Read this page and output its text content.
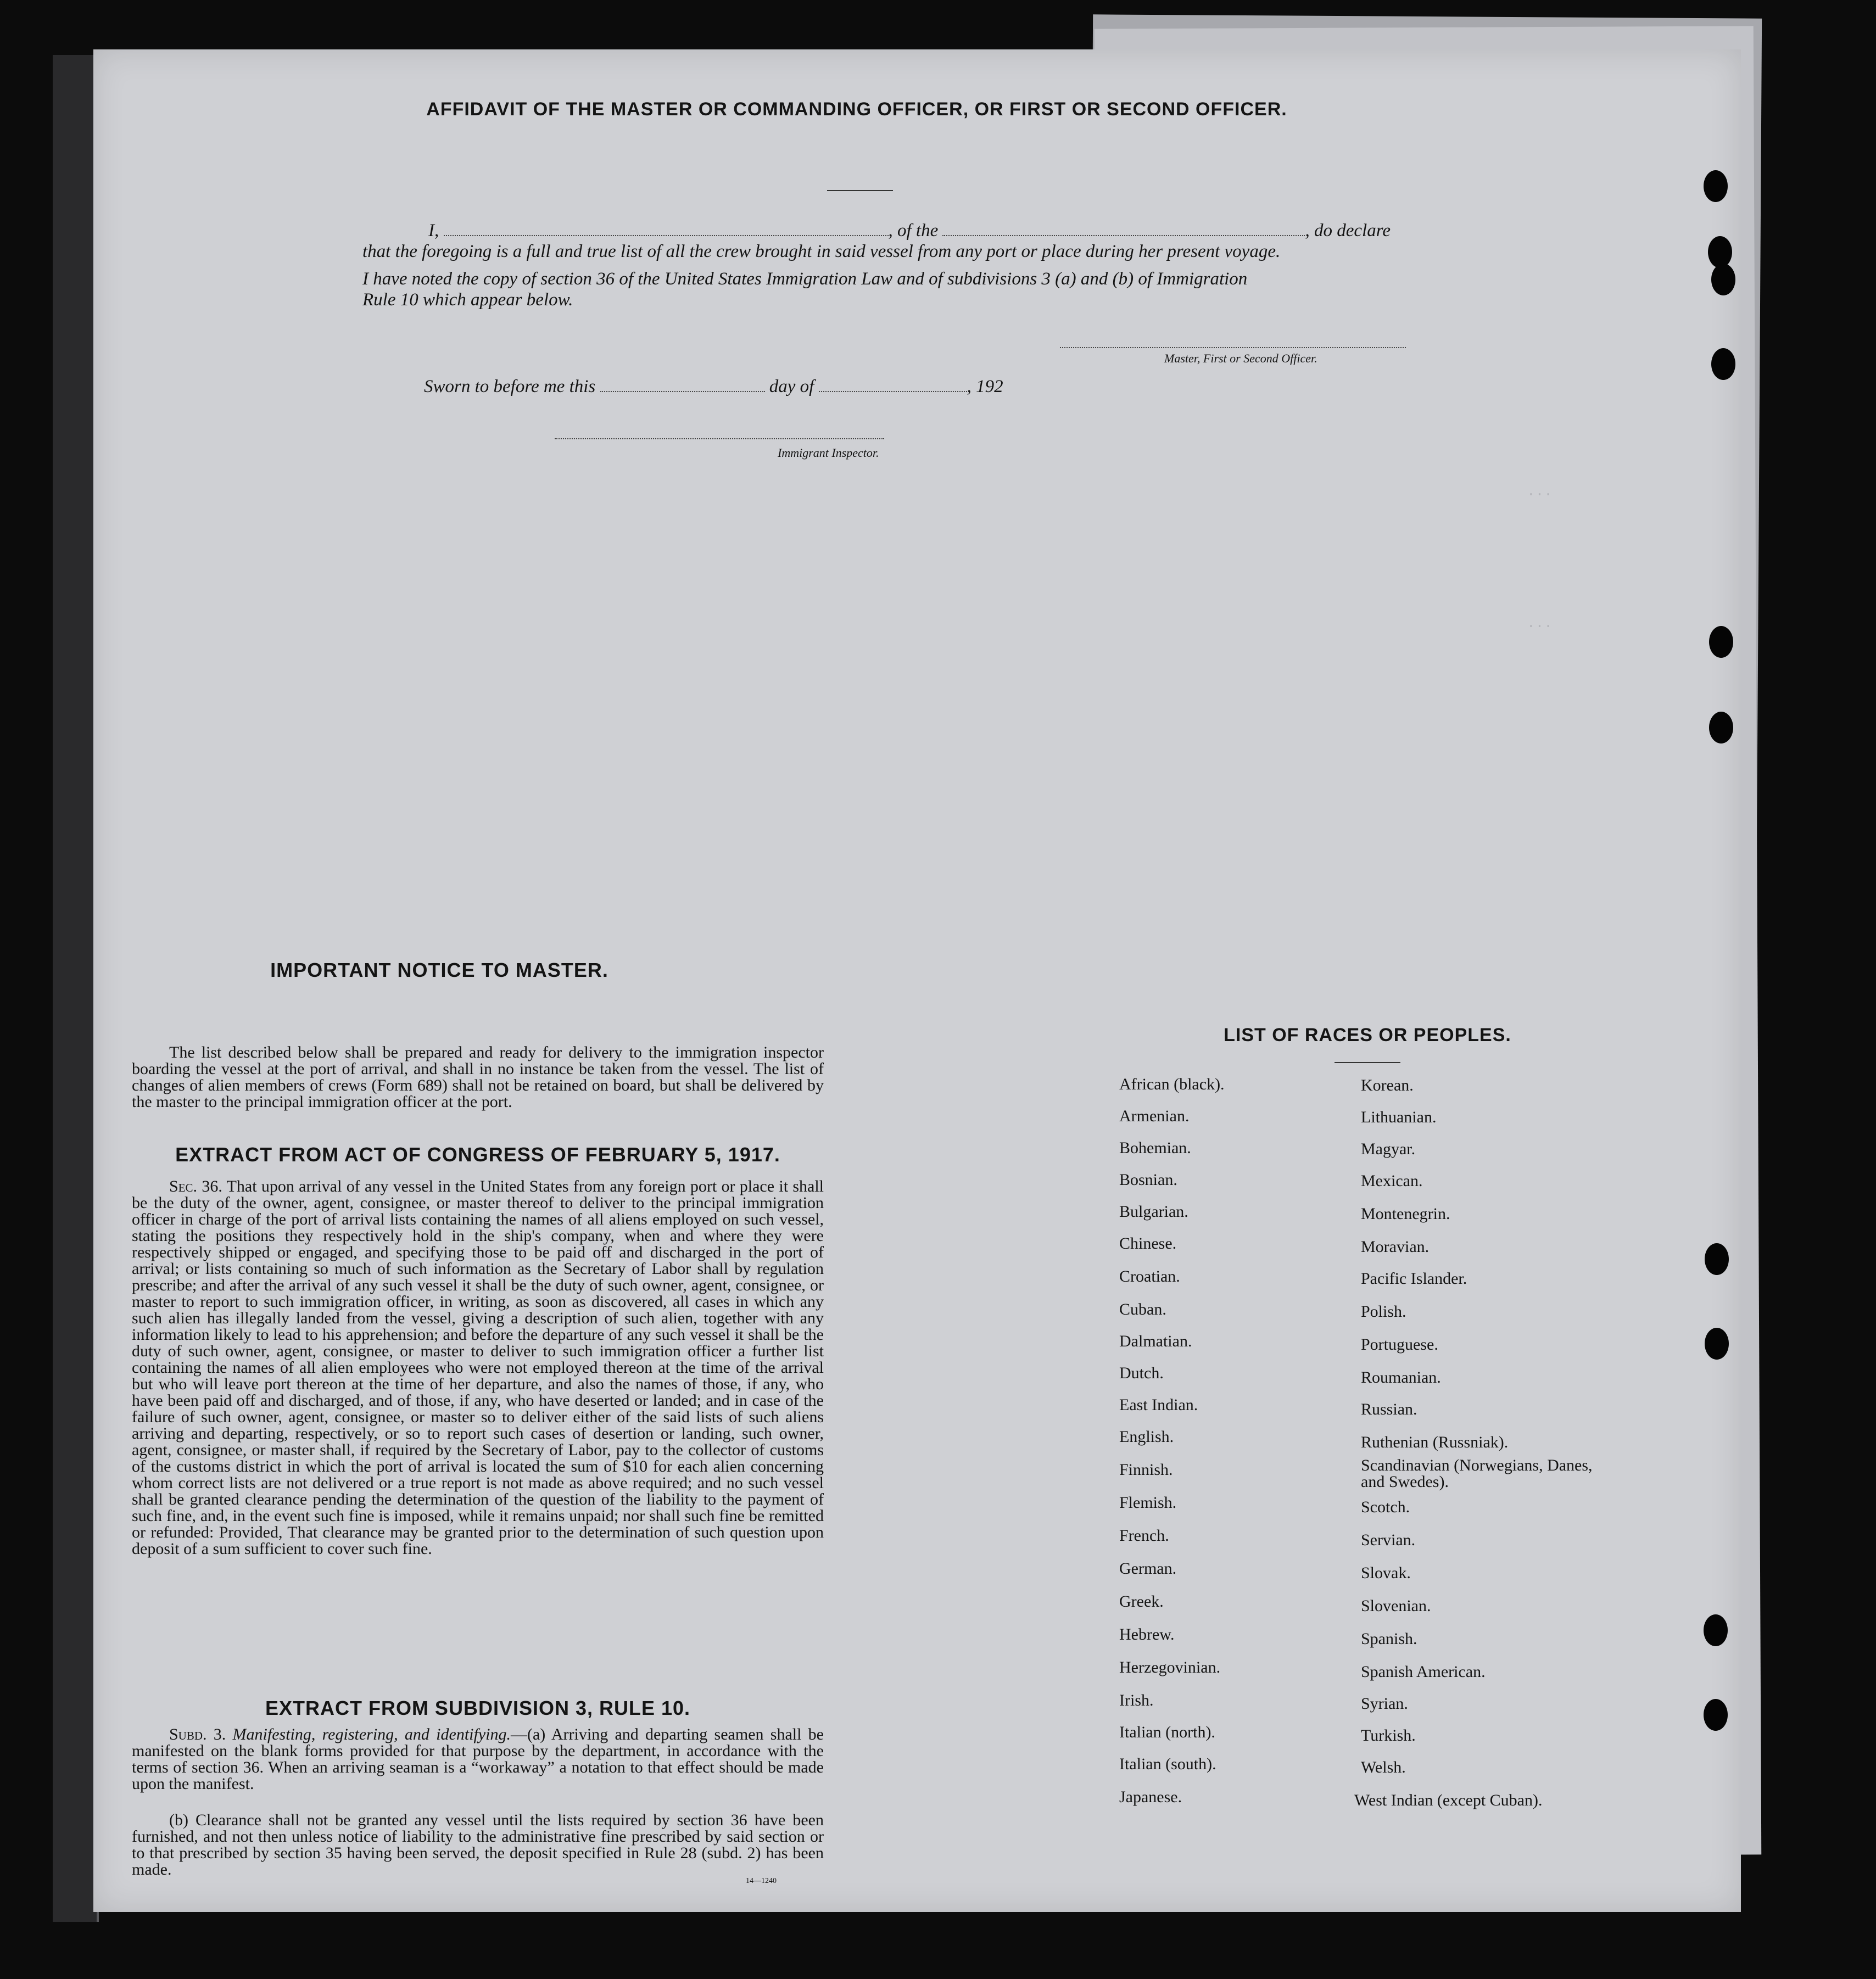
...
...
AFFIDAVIT OF THE MASTER OR COMMANDING OFFICER, OR FIRST OR SECOND OFFICER.
I,	, of the	, do declare
that the foregoing is a full and true list of all the crew brought in said vessel from any port or place during her present voyage.
I have noted the copy of section 36 of the United States Immigration Law and of subdivisions 3 (a) and (b) of Immigration
Rule 10 which appear below.
Master, First or Second Officer.
Sworn to before me this	day of	, 192
Immigrant Inspector.
IMPORTANT NOTICE TO MASTER.
The list described below shall be prepared and ready for delivery to the immigration inspector boarding the vessel at the port of arrival, and shall in no instance be taken from the vessel. The list of changes of alien members of crews (Form 689) shall not be retained on board, but shall be delivered by the master to the principal immigration officer at the port.
EXTRACT FROM ACT OF CONGRESS OF FEBRUARY 5, 1917.
Sec. 36. That upon arrival of any vessel in the United States from any foreign port or place it shall be the duty of the owner, agent, consignee, or master thereof to deliver to the principal immigration officer in charge of the port of arrival lists containing the names of all aliens employed on such vessel, stating the positions they respectively hold in the ship's company, when and where they were respectively shipped or engaged, and specifying those to be paid off and discharged in the port of arrival; or lists containing so much of such information as the Secretary of Labor shall by regulation prescribe; and after the arrival of any such vessel it shall be the duty of such owner, agent, consignee, or master to report to such immigration officer, in writing, as soon as discovered, all cases in which any such alien has illegally landed from the vessel, giving a description of such alien, together with any information likely to lead to his apprehension; and before the departure of any such vessel it shall be the duty of such owner, agent, consignee, or master to deliver to such immigration officer a further list containing the names of all alien employees who were not employed thereon at the time of the arrival but who will leave port thereon at the time of her departure, and also the names of those, if any, who have been paid off and discharged, and of those, if any, who have deserted or landed; and in case of the failure of such owner, agent, consignee, or master so to deliver either of the said lists of such aliens arriving and departing, respectively, or so to report such cases of desertion or landing, such owner, agent, consignee, or master shall, if required by the Secretary of Labor, pay to the collector of customs of the customs district in which the port of arrival is located the sum of $10 for each alien concerning whom correct lists are not delivered or a true report is not made as above required; and no such vessel shall be granted clearance pending the determination of the question of the liability to the payment of such fine, and, in the event such fine is imposed, while it remains unpaid; nor shall such fine be remitted or refunded: Provided, That clearance may be granted prior to the determination of such question upon deposit of a sum sufficient to cover such fine.
EXTRACT FROM SUBDIVISION 3, RULE 10.
Subd. 3. Manifesting, registering, and identifying.—(a) Arriving and departing seamen shall be manifested on the blank forms provided for that purpose by the department, in accordance with the terms of section 36. When an arriving seaman is a “workaway” a notation to that effect should be made upon the manifest.
(b) Clearance shall not be granted any vessel until the lists required by section 36 have been furnished, and not then unless notice of liability to the administrative fine prescribed by said section or to that prescribed by section 35 having been served, the deposit specified in Rule 28 (subd. 2) has been made.
14—1240
LIST OF RACES OR PEOPLES.
African (black).
Armenian.
Bohemian.
Bosnian.
Bulgarian.
Chinese.
Croatian.
Cuban.
Dalmatian.
Dutch.
East Indian.
English.
Finnish.
Flemish.
French.
German.
Greek.
Hebrew.
Herzegovinian.
Irish.
Italian (north).
Italian (south).
Japanese.
Korean.
Lithuanian.
Magyar.
Mexican.
Montenegrin.
Moravian.
Pacific Islander.
Polish.
Portuguese.
Roumanian.
Russian.
Ruthenian (Russniak).
Scandinavian (Norwegians, Danes, and Swedes).
Scotch.
Servian.
Slovak.
Slovenian.
Spanish.
Spanish American.
Syrian.
Turkish.
Welsh.
West Indian (except Cuban).
